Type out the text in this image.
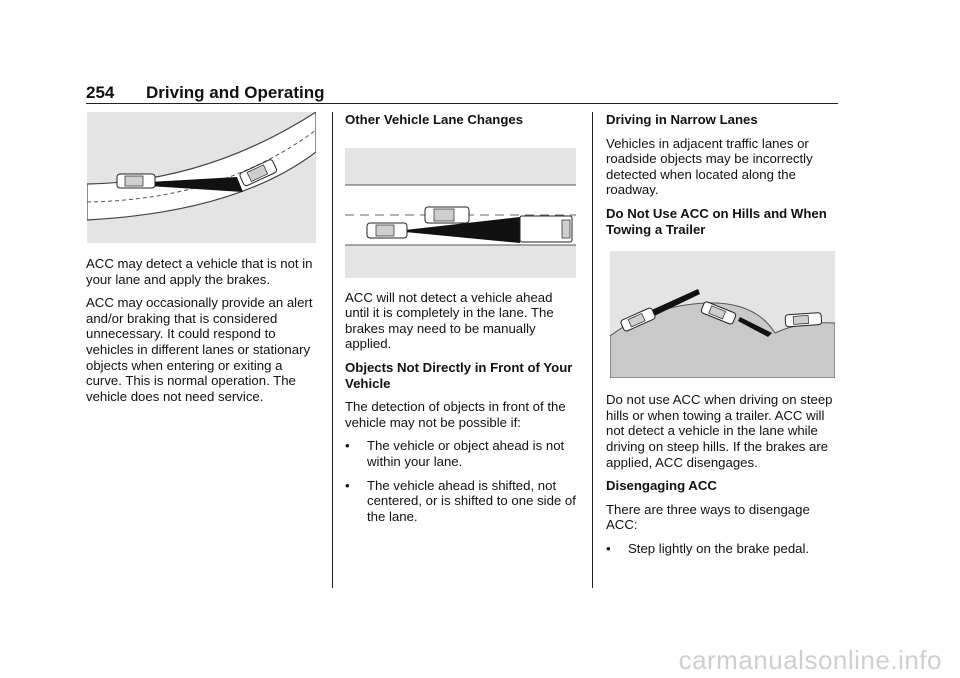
254	Driving and Operating

ACC may detect a vehicle that is not in your lane and apply the brakes.

ACC may occasionally provide an alert and/or braking that is considered unnecessary. It could respond to vehicles in different lanes or stationary objects when entering or exiting a curve. This is normal operation. The vehicle does not need service.

Other Vehicle Lane Changes

ACC will not detect a vehicle ahead until it is completely in the lane. The brakes may need to be manually applied.

Objects Not Directly in Front of Your Vehicle

The detection of objects in front of the vehicle may not be possible if:

•	The vehicle or object ahead is not within your lane.
•	The vehicle ahead is shifted, not centered, or is shifted to one side of the lane.
Driving in Narrow Lanes

Vehicles in adjacent traffic lanes or roadside objects may be incorrectly detected when located along the roadway.

Do Not Use ACC on Hills and When Towing a Trailer

Do not use ACC when driving on steep hills or when towing a trailer. ACC will not detect a vehicle in the lane while driving on steep hills. If the brakes are applied, ACC disengages.

Disengaging ACC

There are three ways to disengage ACC:

•	Step lightly on the brake pedal.
carmanualsonline.info
